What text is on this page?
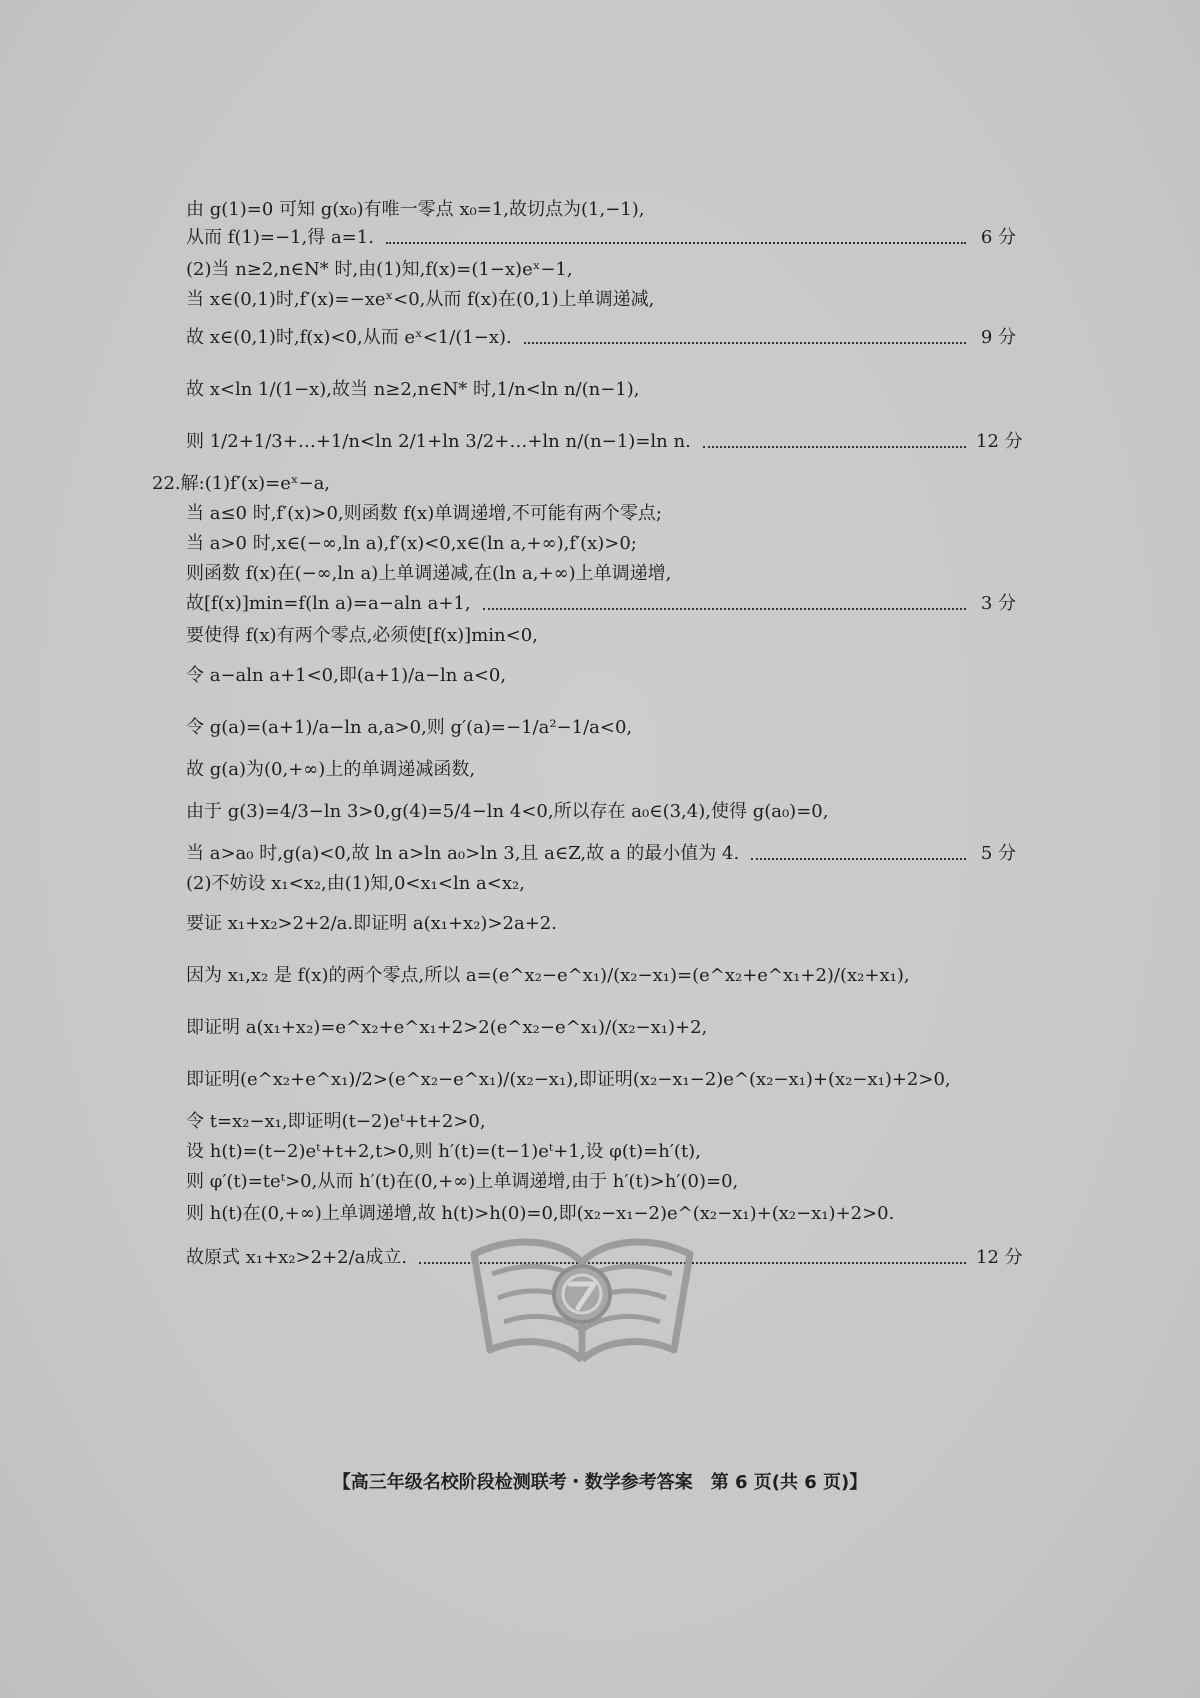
由 g(1)=0 可知 g(x₀)有唯一零点 x₀=1,故切点为(1,−1),
从而 f(1)=−1,得 a=1.	6 分
(2)当 n≥2,n∈N* 时,由(1)知,f(x)=(1−x)eˣ−1,
当 x∈(0,1)时,f′(x)=−xeˣ<0,从而 f(x)在(0,1)上单调递减,
故 x∈(0,1)时,f(x)<0,从而 eˣ<1/(1−x).	9 分
故 x<ln 1/(1−x),故当 n≥2,n∈N* 时,1/n<ln n/(n−1),
则 1/2+1/3+…+1/n<ln 2/1+ln 3/2+…+ln n/(n−1)=ln n.	12 分
22.解:(1)f′(x)=eˣ−a,
当 a≤0 时,f′(x)>0,则函数 f(x)单调递增,不可能有两个零点;
当 a>0 时,x∈(−∞,ln a),f′(x)<0,x∈(ln a,+∞),f′(x)>0;
则函数 f(x)在(−∞,ln a)上单调递减,在(ln a,+∞)上单调递增,
故[f(x)]min=f(ln a)=a−aln a+1,	3 分
要使得 f(x)有两个零点,必须使[f(x)]min<0,
令 a−aln a+1<0,即(a+1)/a−ln a<0,
令 g(a)=(a+1)/a−ln a,a>0,则 g′(a)=−1/a²−1/a<0,
故 g(a)为(0,+∞)上的单调递减函数,
由于 g(3)=4/3−ln 3>0,g(4)=5/4−ln 4<0,所以存在 a₀∈(3,4),使得 g(a₀)=0,
当 a>a₀ 时,g(a)<0,故 ln a>ln a₀>ln 3,且 a∈Z,故 a 的最小值为 4.	5 分
(2)不妨设 x₁<x₂,由(1)知,0<x₁<ln a<x₂,
要证 x₁+x₂>2+2/a.即证明 a(x₁+x₂)>2a+2.
因为 x₁,x₂ 是 f(x)的两个零点,所以 a=(e^x₂−e^x₁)/(x₂−x₁)=(e^x₂+e^x₁+2)/(x₂+x₁),
即证明 a(x₁+x₂)=e^x₂+e^x₁+2>2(e^x₂−e^x₁)/(x₂−x₁)+2,
即证明(e^x₂+e^x₁)/2>(e^x₂−e^x₁)/(x₂−x₁),即证明(x₂−x₁−2)e^(x₂−x₁)+(x₂−x₁)+2>0,
令 t=x₂−x₁,即证明(t−2)eᵗ+t+2>0,
设 h(t)=(t−2)eᵗ+t+2,t>0,则 h′(t)=(t−1)eᵗ+1,设 φ(t)=h′(t),
则 φ′(t)=teᵗ>0,从而 h′(t)在(0,+∞)上单调递增,由于 h′(t)>h′(0)=0,
则 h(t)在(0,+∞)上单调递增,故 h(t)>h(0)=0,即(x₂−x₁−2)e^(x₂−x₁)+(x₂−x₁)+2>0.
故原式 x₁+x₂>2+2/a成立.	12 分
【高三年级名校阶段检测联考・数学参考答案　第 6 页(共 6 页)】
